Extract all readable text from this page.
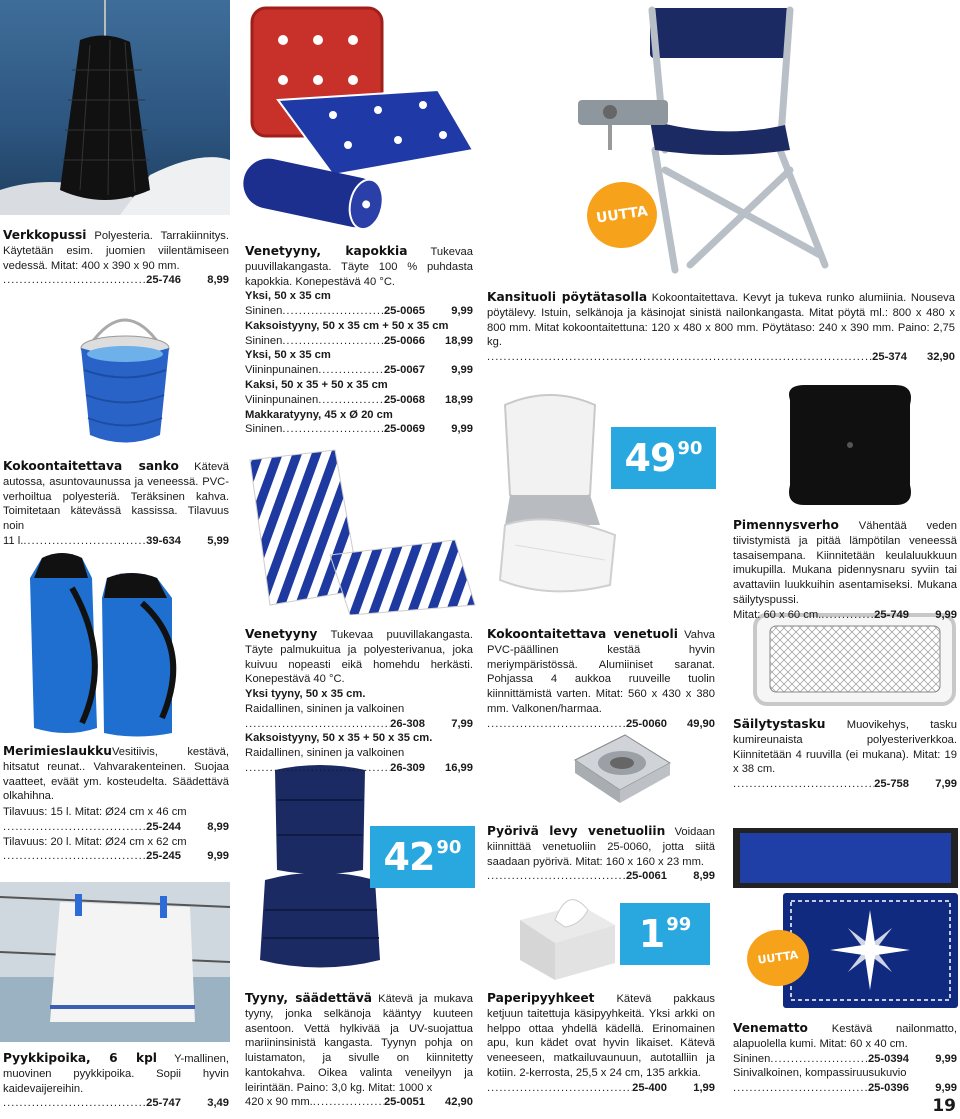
UUTTA
49 90
42 90
1 99
UUTTA
Verkkopussi Polyesteria. Tarrakiinnitys. Käytetään esim. juomien viilentämiseen vedessä. Mitat: 400 x 390 x 90 mm.
.....
25-746	8,99
Kokoontaitettava sanko Kätevä autossa, asuntovaunussa ja veneessä. PVC-verhoiltua polyesteriä. Teräksinen kahva. Toimitetaan kätevässä kassissa. Tilavuus noin
11 l. .....	39-634	5,99
MerimieslaukkuVesitiivis, kestävä, hitsatut reunat.. Vahvarakenteinen. Suojaa vaatteet, eväät ym. kosteudelta. Säädettävä olkahihna.
Tilavuus: 15 l. Mitat: Ø24 cm x 46 cm
.....
25-244	8,99
Tilavuus: 20 l. Mitat: Ø24 cm x 62 cm
.....
25-245	9,99
Pyykkipoika, 6 kpl Y-mallinen, muovinen pyykkipoika. Sopii hyvin kaidevaijereihin.
.....
25-747	3,49
Venetyyny, kapokkia Tukevaa puuvillakangasta. Täyte 100 % puhdasta kapokkia. Konepestävä 40 °C.
Yksi, 50 x 35 cm
Sininen .....	25-0065	9,99
Kaksoistyyny, 50 x 35 cm + 50 x 35 cm
Sininen .....	25-0066	18,99
Yksi, 50 x 35 cm
Viininpunainen .....	25-0067	9,99
Kaksi, 50 x 35 + 50 x 35 cm
Viininpunainen .....	25-0068	18,99
Makkaratyyny, 45 x Ø 20 cm
Sininen .....	25-0069	9,99
Venetyyny Tukevaa puuvillakangasta. Täyte palmukuitua ja polyesterivanua, joka kuivuu nopeasti eikä homehdu herkästi. Konepestävä 40 °C.
Yksi tyyny, 50 x 35 cm.
Raidallinen, sininen ja valkoinen
.....
26-308	7,99
Kaksoistyyny, 50 x 35 + 50 x 35 cm.
Raidallinen, sininen ja valkoinen
.....
26-309	16,99
Tyyny, säädettävä Kätevä ja mukava tyyny, jonka selkänoja kääntyy kuuteen asentoon. Vettä hylkivää ja UV-suojattua mariininsinistä kangasta. Tyynyn pohja on luistamaton, ja sivulle on kiinnitetty kantokahva. Oikea valinta veneilyyn ja leirintään. Paino: 3,0 kg. Mitat: 1000 x
420 x 90 mm. .....	25-0051	42,90
Kansituoli pöytätasolla Kokoontaitettava. Kevyt ja tukeva runko alumiinia. Nouseva pöytälevy. Istuin, selkänoja ja käsinojat sinistä nailonkangasta. Mitat pöytä ml.: 800 x 480 x 800 mm. Mitat kokoontaitettuna: 120 x 480 x 800 mm. Pöytätaso: 240 x 390 mm. Paino: 2,75 kg.
.....
25-374	32,90
Kokoontaitettava venetuoli Vahva PVC-päällinen kestää hyvin meriympäristössä. Alumiiniset saranat. Pohjassa 4 aukkoa ruuveille tuolin kiinnittämistä varten. Mitat: 560 x 430 x 380 mm. Valkonen/harmaa.
.....
25-0060	49,90
Pyörivä levy venetuoliin Voidaan kiinnittää venetuoliin 25-0060, jotta siitä saadaan pyörivä. Mitat: 160 x 160 x 23 mm.
.....
25-0061	8,99
Paperipyyhkeet Kätevä pakkaus ketjuun taitettuja käsipyyhkeitä. Yksi arkki on helppo ottaa yhdellä kädellä. Erinomainen apu, kun kädet ovat hyvin likaiset. Kätevä veneeseen, matkailuvaunuun, autotalliin ja kotiin. 2-kerrosta, 25,5 x 24 cm, 135 arkkia.
.....
25-400	1,99
Pimennysverho Vähentää veden tiivistymistä ja pitää lämpötilan veneessä tasaisempana. Kiinnitetään keulaluukkuun imukupilla. Mukana pidennysnaru syviin tai avattaviin luukkuihin asentamiseksi. Mukana säilytyspussi.
Mitat: 60 x 60 cm. .....	25-749	9,99
Säilytystasku Muovikehys, tasku kumireunaista polyesteriverkkoa. Kiinnitetään 4 ruuvilla (ei mukana). Mitat: 19 x 38 cm.
.....
25-758	7,99
Venematto Kestävä nailonmatto, alapuolella kumi. Mitat: 60 x 40 cm.
Sininen .....	25-0394	9,99
Sinivalkoinen, kompassiruusukuvio
.....
25-0396	9,99
19
